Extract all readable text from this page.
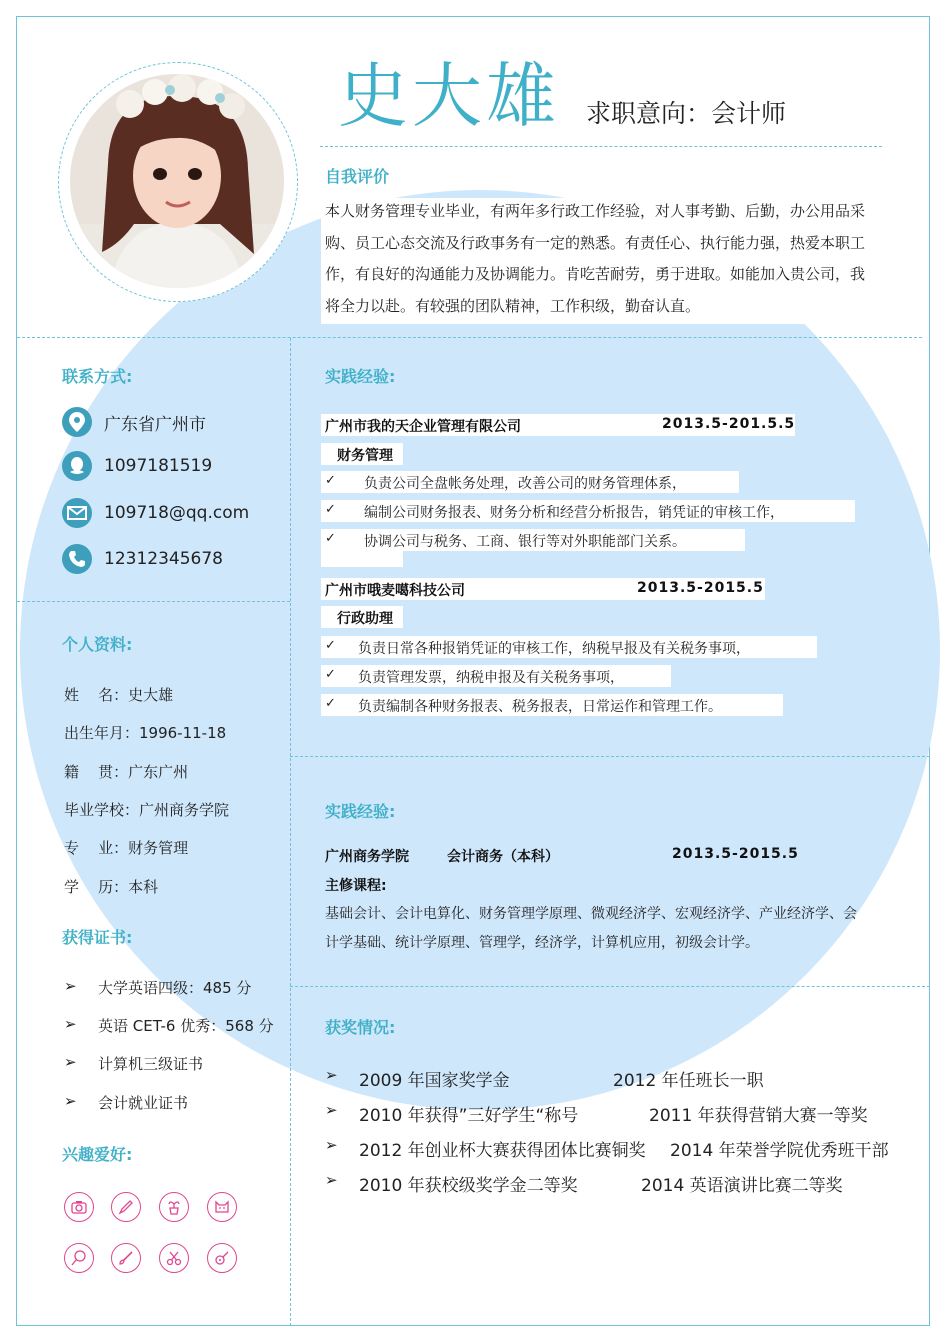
史大雄 求职意向：会计师
自我评价
本人财务管理专业毕业，有两年多行政工作经验，对人事考勤、后勤，办公用品采
购、员工心态交流及行政事务有一定的熟悉。有责任心、执行能力强，热爱本职工
作，有良好的沟通能力及协调能力。肯吃苦耐劳，勇于进取。如能加入贵公司，我
将全力以赴。有较强的团队精神，工作积级，勤奋认直。
联系方式:
广东省广州市
1097181519
109718@qq.com
12312345678
个人资料:
姓    名：史大雄
出生年月：1996-11-18
籍    贯：广东广州
毕业学校：广州商务学院
专    业：财务管理
学    历：本科
获得证书:
➢	大学英语四级：485 分
➢	英语 CET-6 优秀：568 分
➢	计算机三级证书
➢	会计就业证书
兴趣爱好:
实践经验:
广州市我的天企业管理有限公司	2013.5-201.5.5
财务管理
✓ 负责公司全盘帐务处理，改善公司的财务管理体系，
✓ 编制公司财务报表、财务分析和经营分析报告，销凭证的审核工作，
✓ 协调公司与税务、工商、银行等对外职能部门关系。
广州市哦麦噶科技公司	2013.5-2015.5
行政助理
✓ 负责日常各种报销凭证的审核工作，纳税早报及有关税务事项，
✓ 负责管理发票，纳税申报及有关税务事项，
✓ 负责编制各种财务报表、税务报表，日常运作和管理工作。
实践经验:
广州商务学院	会计商务（本科）	2013.5-2015.5
主修课程:
基础会计、会计电算化、财务管理学原理、微观经济学、宏观经济学、产业经济学、会
计学基础、统计学原理、管理学，经济学，计算机应用，初级会计学。
获奖情况:
➢	2009 年国家奖学金	2012 年任班长一职
➢	2010 年获得”三好学生“称号	2011 年获得营销大赛一等奖
➢	2012 年创业杯大赛获得团体比赛铜奖	2014 年荣誉学院优秀班干部
➢	2010 年获校级奖学金二等奖	2014 英语演讲比赛二等奖
